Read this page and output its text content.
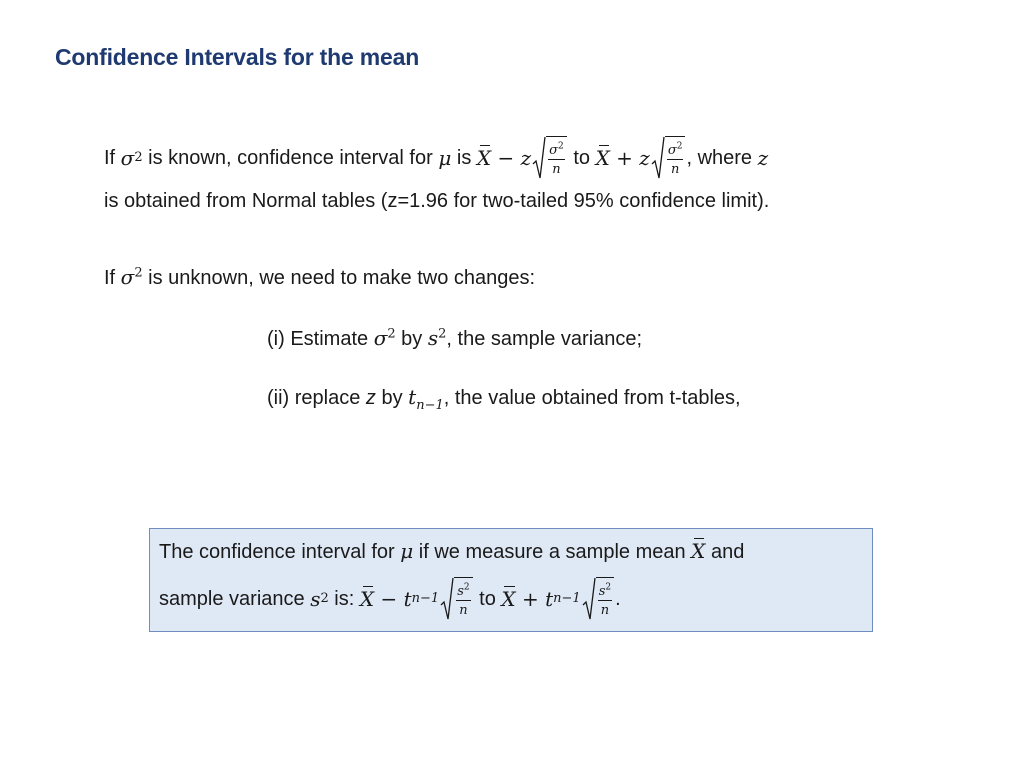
Confidence Intervals for the mean
If σ 2 is known, confidence interval for μ is X − z $\frac{\sigma^2}{n}$ to X + z $\frac{\sigma^2}{n}$ , where z
is obtained from Normal tables (z=1.96 for two-tailed 95% confidence limit).
If $\sigma^2$ is unknown, we need to make two changes:
(i) Estimate $\sigma^2$ by $s^2$, the sample variance;
(ii) replace z by $t_{n-1}$, the value obtained from t-tables,
The confidence interval for μ if we measure a sample mean X and
sample variance s 2 is: X − t $n-1 \frac{s^2}{n}$ to X + t $n-1 \frac{s^2}{n}$ .
